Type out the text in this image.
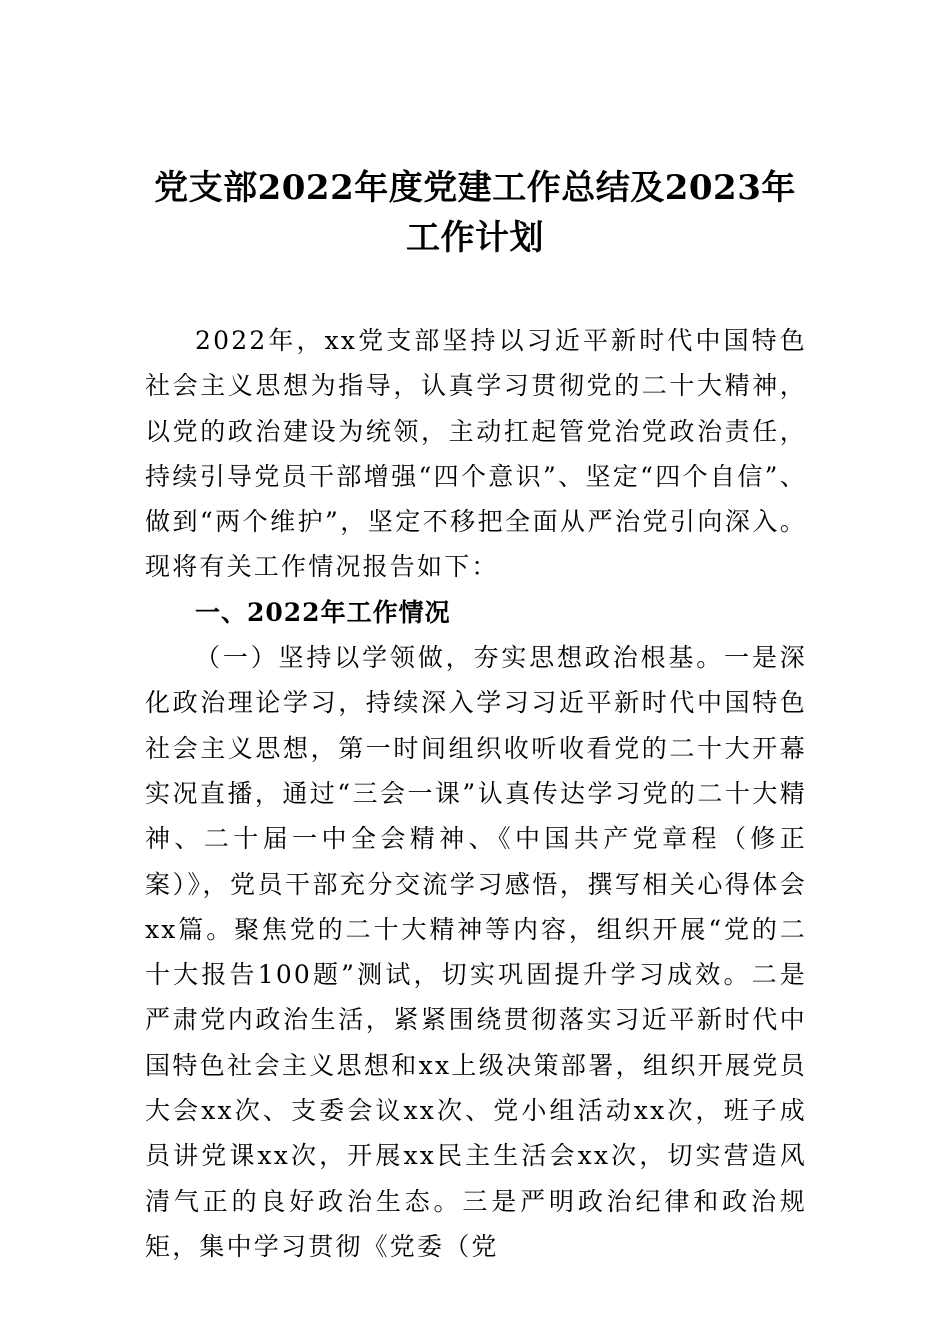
党支部2022年度党建工作总结及2023年工作计划

2022年，xx党支部坚持以习近平新时代中国特色社会主义思想为指导，认真学习贯彻党的二十大精神，以党的政治建设为统领，主动扛起管党治党政治责任，持续引导党员干部增强“四个意识”、坚定“四个自信”、做到“两个维护”，坚定不移把全面从严治党引向深入。现将有关工作情况报告如下：

一、2022年工作情况

（一）坚持以学领做，夯实思想政治根基。一是深化政治理论学习，持续深入学习习近平新时代中国特色社会主义思想，第一时间组织收听收看党的二十大开幕实况直播，通过“三会一课”认真传达学习党的二十大精神、二十届一中全会精神、《中国共产党章程（修正案）》，党员干部充分交流学习感悟，撰写相关心得体会xx篇。聚焦党的二十大精神等内容，组织开展“党的二十大报告100题”测试，切实巩固提升学习成效。二是严肃党内政治生活，紧紧围绕贯彻落实习近平新时代中国特色社会主义思想和xx上级决策部署，组织开展党员大会xx次、支委会议xx次、党小组活动xx次，班子成员讲党课xx次，开展xx民主生活会xx次，切实营造风清气正的良好政治生态。三是严明政治纪律和政治规矩，集中学习贯彻《党委（党
